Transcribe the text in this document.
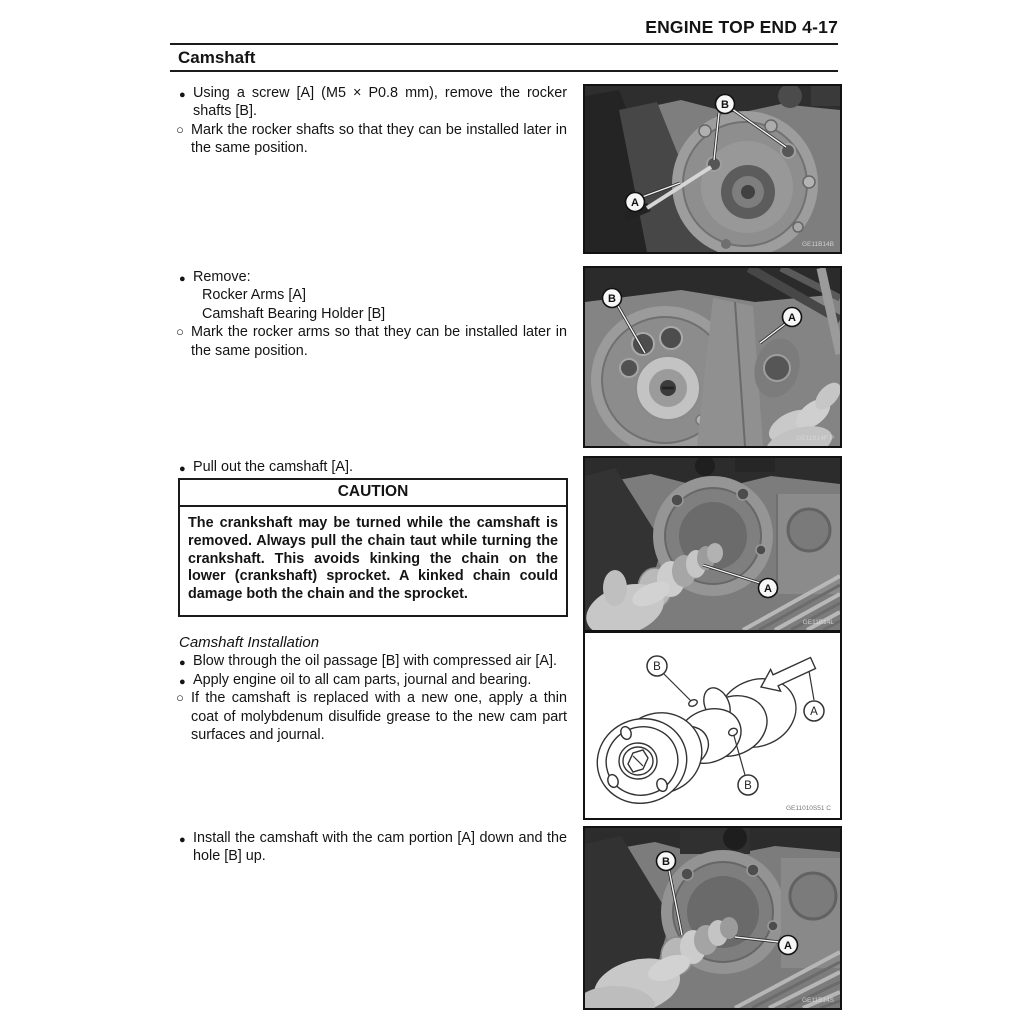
ENGINE TOP END 4-17
Camshaft
● Using a screw [A] (M5 × P0.8 mm), remove the rocker shafts [B].
○ Mark the rocker shafts so that they can be installed later in the same position.
● Remove:
Rocker Arms [A]
Camshaft Bearing Holder [B]
○ Mark the rocker arms so that they can be installed later in the same position.
● Pull out the camshaft [A].
CAUTION
The crankshaft may be turned while the camshaft is removed. Always pull the chain taut while turning the crankshaft. This avoids kinking the chain on the lower (crankshaft) sprocket. A kinked chain could damage both the chain and the sprocket.
Camshaft Installation
● Blow through the oil passage [B] with compressed air [A].
● Apply engine oil to all cam parts, journal and bearing.
○ If the camshaft is replaced with a new one, apply a thin coat of molybdenum disulfide grease to the new cam part surfaces and journal.
● Install the camshaft with the cam portion [A] down and the hole [B] up.
B
A
GE11B14B
B
A
GE11B14F P
A
GE11B14L
B
B
A
GE11010S51 C
B
A
GE11B14S
